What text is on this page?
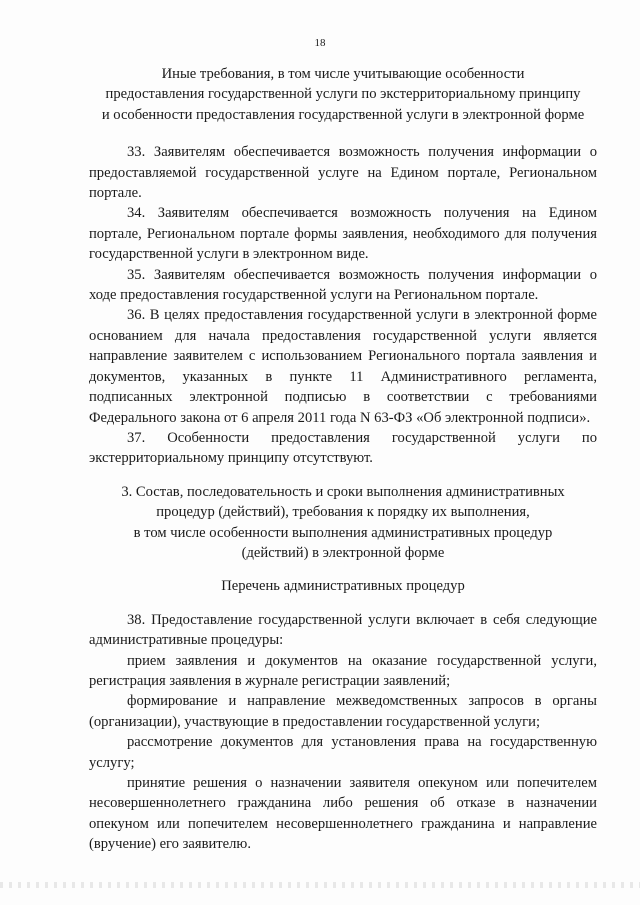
18
Иные требования, в том числе учитывающие особенности
предоставления государственной услуги по экстерриториальному принципу
и особенности предоставления государственной услуги в электронной форме

33. Заявителям обеспечивается возможность получения информации о предоставляемой государственной услуге на Едином портале, Региональном портале.

34. Заявителям обеспечивается возможность получения на Едином портале, Региональном портале формы заявления, необходимого для получения государственной услуги в электронном виде.

35. Заявителям обеспечивается возможность получения информации о ходе предоставления государственной услуги на Региональном портале.

36. В целях предоставления государственной услуги в электронной форме основанием для начала предоставления государственной услуги является направление заявителем с использованием Регионального портала заявления и документов, указанных в пункте 11 Административного регламента, подписанных электронной подписью в соответствии с требованиями Федерального закона от 6 апреля 2011 года N 63-ФЗ «Об электронной подписи».

37. Особенности предоставления государственной услуги по экстерриториальному принципу отсутствуют.

3. Состав, последовательность и сроки выполнения административных
процедур (действий), требования к порядку их выполнения,
в том числе особенности выполнения административных процедур
(действий) в электронной форме
Перечень административных процедур

38. Предоставление государственной услуги включает в себя следующие административные процедуры:

прием заявления и документов на оказание государственной услуги, регистрация заявления в журнале регистрации заявлений;

формирование и направление межведомственных запросов в органы (организации), участвующие в предоставлении государственной услуги;

рассмотрение документов для установления права на государственную услугу;

принятие решения о назначении заявителя опекуном или попечителем несовершеннолетнего гражданина либо решения об отказе в назначении опекуном или попечителем несовершеннолетнего гражданина и направление (вручение) его заявителю.
